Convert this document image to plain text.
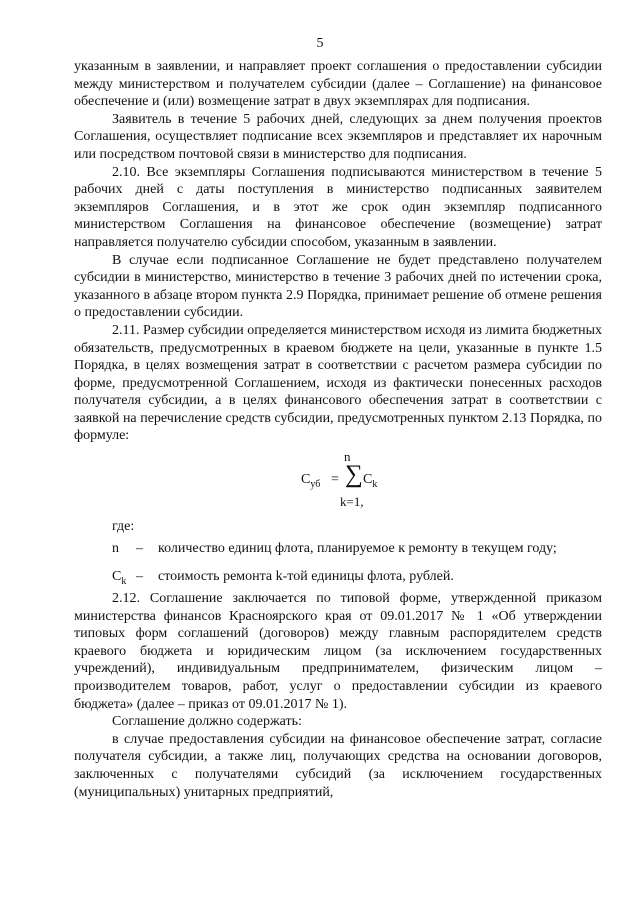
5

указанным в заявлении, и направляет проект соглашения о предоставлении субсидии между министерством и получателем субсидии (далее – Соглашение) на финансовое обеспечение и (или) возмещение затрат в двух экземплярах для подписания.

Заявитель в течение 5 рабочих дней, следующих за днем получения проектов Соглашения, осуществляет подписание всех экземпляров и представляет их нарочным или посредством почтовой связи в министерство для подписания.

2.10. Все экземпляры Соглашения подписываются министерством в течение 5 рабочих дней с даты поступления в министерство подписанных заявителем экземпляров Соглашения, и в этот же срок один экземпляр подписанного министерством Соглашения на финансовое обеспечение (возмещение) затрат направляется получателю субсидии способом, указанным в заявлении.

В случае если подписанное Соглашение не будет представлено получателем субсидии в министерство, министерство в течение 3 рабочих дней по истечении срока, указанного в абзаце втором пункта 2.9 Порядка, принимает решение об отмене решения о предоставлении субсидии.

2.11. Размер субсидии определяется министерством исходя из лимита бюджетных обязательств, предусмотренных в краевом бюджете на цели, указанные в пункте 1.5 Порядка, в целях возмещения затрат в соответствии с расчетом размера субсидии по форме, предусмотренной Соглашением, исходя из фактически понесенных расходов получателя субсидии, а в целях финансового обеспечения затрат в соответствии с заявкой на перечисление средств субсидии, предусмотренных пунктом 2.13 Порядка, по формуле:

n
$С_{уб}$ = ∑ $С_k$
k=1,
где:
n	–	количество единиц флота, планируемое к ремонту в текущем году;
$С_k$ –	стоимость ремонта k-той единицы флота, рублей.

2.12. Соглашение заключается по типовой форме, утвержденной приказом министерства финансов Красноярского края от 09.01.2017 № 1 «Об утверждении типовых форм соглашений (договоров) между главным распорядителем средств краевого бюджета и юридическим лицом (за исключением государственных учреждений), индивидуальным предпринимателем, физическим лицом – производителем товаров, работ, услуг о предоставлении субсидии из краевого бюджета» (далее – приказ от 09.01.2017 № 1).

Соглашение должно содержать:

в случае предоставления субсидии на финансовое обеспечение затрат, согласие получателя субсидии, а также лиц, получающих средства на основании договоров, заключенных с получателями субсидий (за исключением государственных (муниципальных) унитарных предприятий,
